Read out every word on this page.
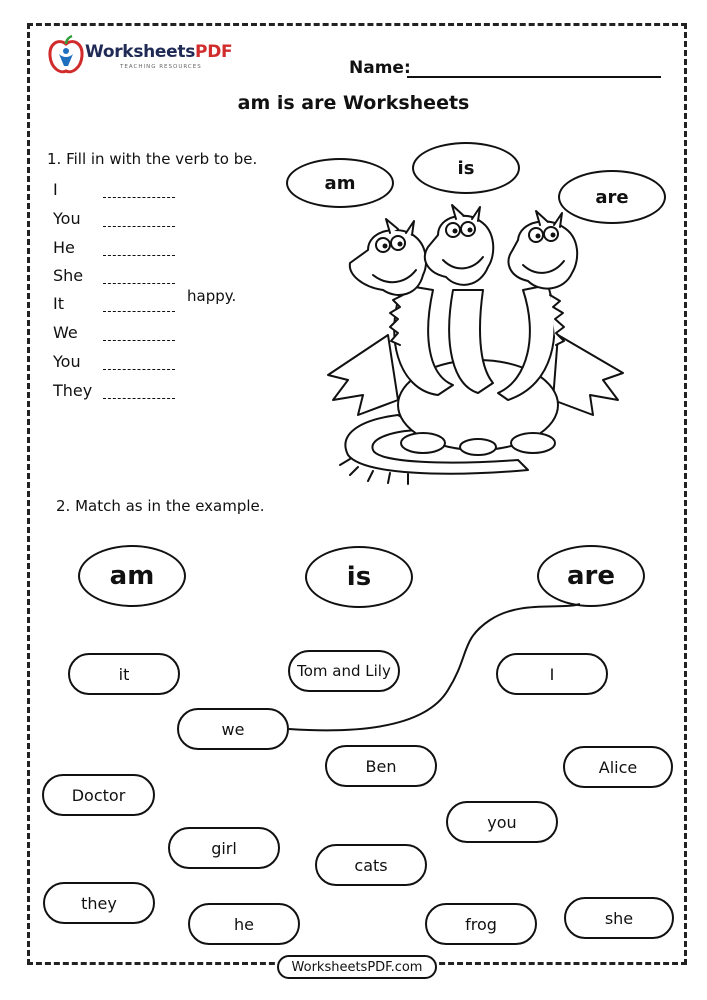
WorksheetsPDF
TEACHING RESOURCES	Name:
am is are Worksheets
1. Fill in with the verb to be.
I
You
He
She
It
We
You
They
happy.
am
is
are
2. Match as in the example.
am	is	are
it	Tom and Lily	I
we
Ben	Alice
Doctor
you
girl
cats
they
he	frog	she
WorksheetsPDF.com
